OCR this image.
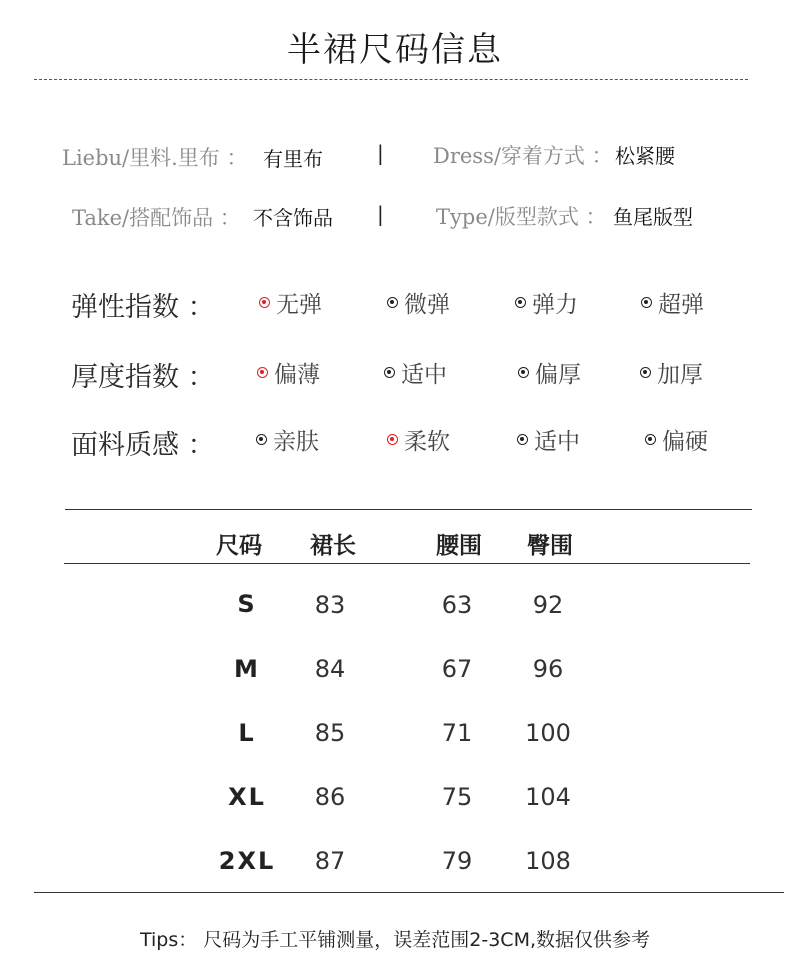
半裙尺码信息
Liebu/里料.里布 ： 有里布	| Dress/穿着方式 ： 松紧腰
Take/搭配饰品 ： 不含饰品 | Type/版型款式 ： 鱼尾版型
弹性指数 ：	无弹	微弹	弹力	超弹
厚度指数 ：	偏薄	适中	偏厚	加厚
面料质感 ：	亲肤	柔软	适中	偏硬
尺码	裙长	腰围	臀围
S	83	63	92
M	84	67	96
L	85	71	100
XL	86	75	104
2XL	87	79	108
Tips： 尺码为手工平铺测量，误差范围2-3CM,数据仅供参考
